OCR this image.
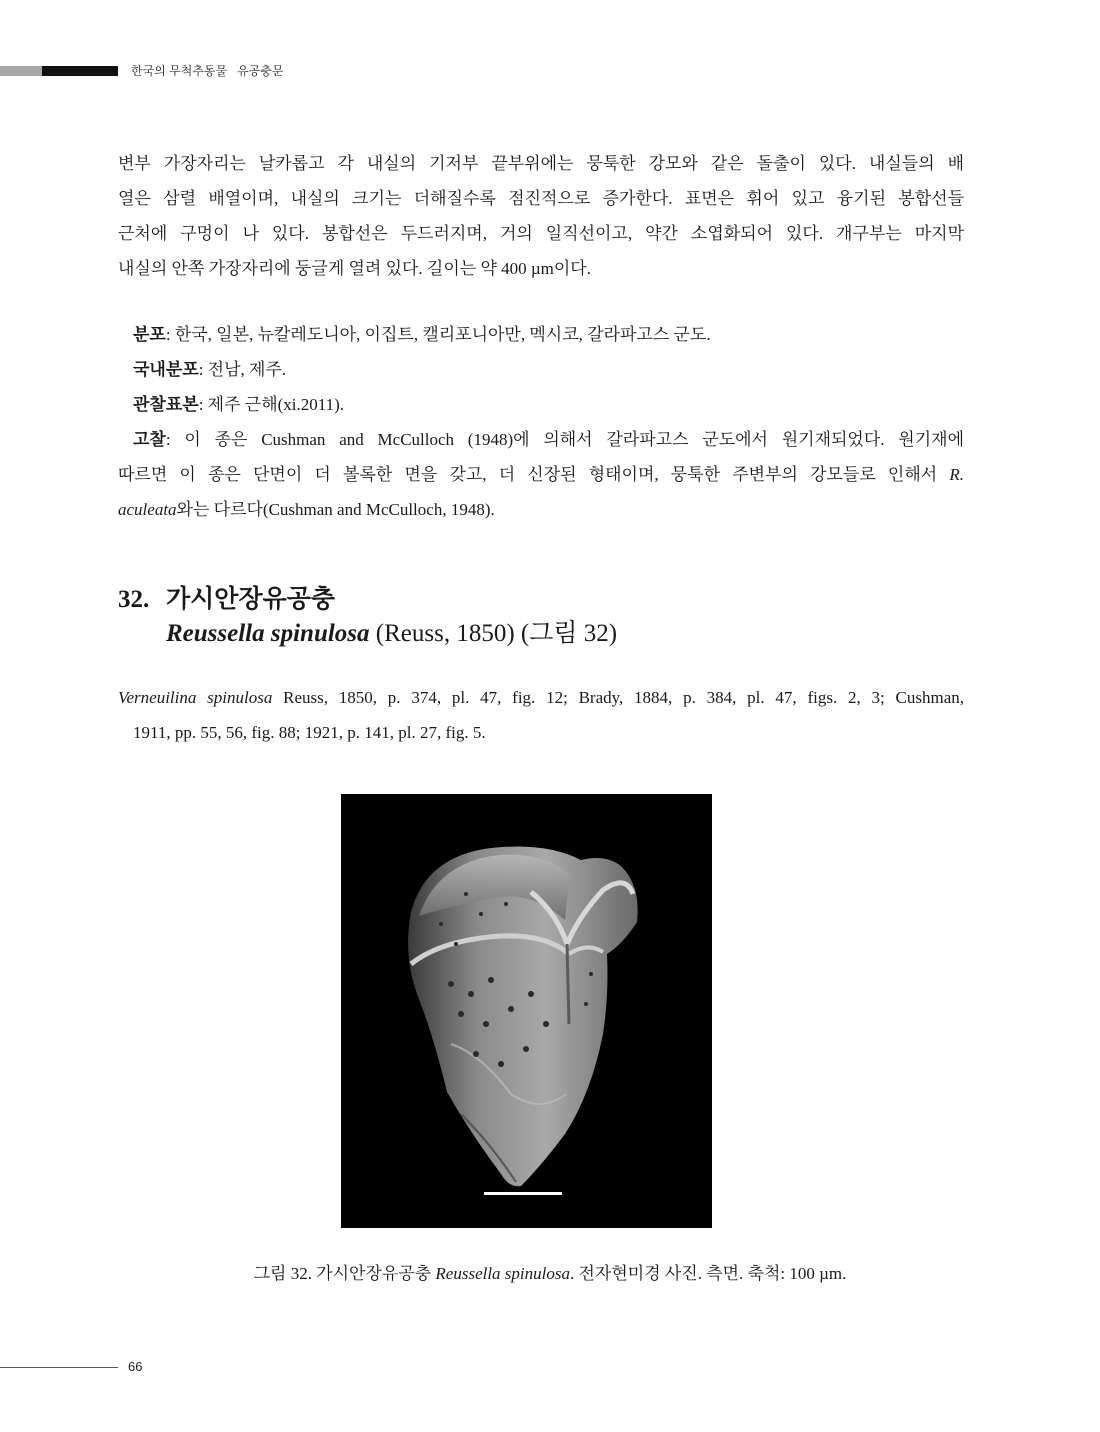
한국의 무척추동물   유공충문

변부 가장자리는 날카롭고 각 내실의 기저부 끝부위에는 뭉툭한 강모와 같은 돌출이 있다. 내실들의 배

열은 삼렬 배열이며, 내실의 크기는 더해질수록 점진적으로 증가한다. 표면은 휘어 있고 융기된 봉합선들

근처에 구멍이 나 있다. 봉합선은 두드러지며, 거의 일직선이고, 약간 소엽화되어 있다. 개구부는 마지막

내실의 안쪽 가장자리에 둥글게 열려 있다. 길이는 약 400 µm이다.

분포: 한국, 일본, 뉴칼레도니아, 이집트, 캘리포니아만, 멕시코, 갈라파고스 군도.

국내분포: 전남, 제주.

관찰표본: 제주 근해(xi.2011).

고찰: 이 종은 Cushman and McCulloch (1948)에 의해서 갈라파고스 군도에서 원기재되었다. 원기재에

따르면 이 종은 단면이 더 볼록한 면을 갖고, 더 신장된 형태이며, 뭉툭한 주변부의 강모들로 인해서 R.

aculeata와는 다르다(Cushman and McCulloch, 1948).

32. 가시안장유공충
Reussella spinulosa (Reuss, 1850) (그림 32)
Verneuilina spinulosa Reuss, 1850, p. 374, pl. 47, fig. 12; Brady, 1884, p. 384, pl. 47, figs. 2, 3; Cushman,
1911, pp. 55, 56, fig. 88; 1921, p. 141, pl. 27, fig. 5.
그림 32. 가시안장유공충 Reussella spinulosa. 전자현미경 사진. 측면. 축척: 100 µm.
66
